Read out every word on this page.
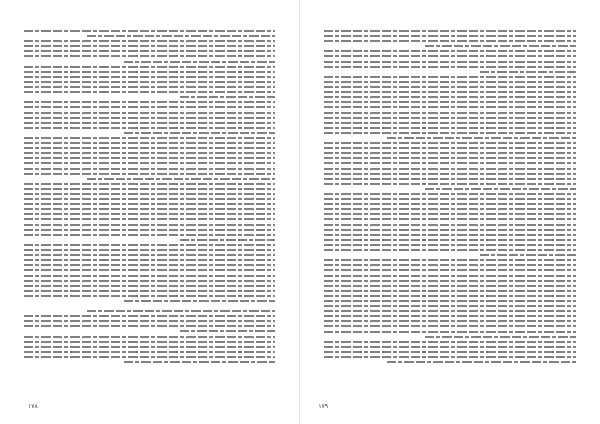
۱۷۸	۱۷۹
